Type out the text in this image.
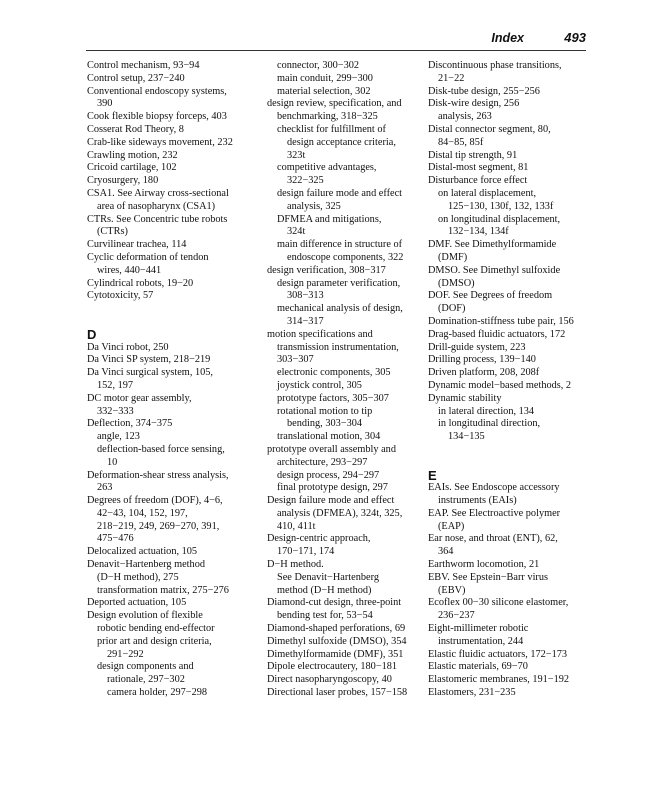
Index	493
Control mechanism, 93−94
Control setup, 237−240
Conventional endoscopy systems,
390
Cook flexible biopsy forceps, 403
Cosserat Rod Theory, 8
Crab-like sideways movement, 232
Crawling motion, 232
Cricoid cartilage, 102
Cryosurgery, 180
CSA1. See Airway cross-sectional
area of nasopharynx (CSA1)
CTRs. See Concentric tube robots
(CTRs)
Curvilinear trachea, 114
Cyclic deformation of tendon
wires, 440−441
Cylindrical robots, 19−20
Cytotoxicity, 57
D
Da Vinci robot, 250
Da Vinci SP system, 218−219
Da Vinci surgical system, 105,
152, 197
DC motor gear assembly,
332−333
Deflection, 374−375
angle, 123
deflection-based force sensing,
10
Deformation-shear stress analysis,
263
Degrees of freedom (DOF), 4−6,
42−43, 104, 152, 197,
218−219, 249, 269−270, 391,
475−476
Delocalized actuation, 105
Denavit−Hartenberg method
(D−H method), 275
transformation matrix, 275−276
Deported actuation, 105
Design evolution of flexible
robotic bending end-effector
prior art and design criteria,
291−292
design components and
rationale, 297−302
camera holder, 297−298
connector, 300−302
main conduit, 299−300
material selection, 302
design review, specification, and
benchmarking, 318−325
checklist for fulfillment of
design acceptance criteria,
323t
competitive advantages,
322−325
design failure mode and effect
analysis, 325
DFMEA and mitigations,
324t
main difference in structure of
endoscope components, 322
design verification, 308−317
design parameter verification,
308−313
mechanical analysis of design,
314−317
motion specifications and
transmission instrumentation,
303−307
electronic components, 305
joystick control, 305
prototype factors, 305−307
rotational motion to tip
bending, 303−304
translational motion, 304
prototype overall assembly and
architecture, 293−297
design process, 294−297
final prototype design, 297
Design failure mode and effect
analysis (DFMEA), 324t, 325,
410, 411t
Design-centric approach,
170−171, 174
D−H method.
See Denavit−Hartenberg
method (D−H method)
Diamond-cut design, three-point
bending test for, 53−54
Diamond-shaped perforations, 69
Dimethyl sulfoxide (DMSO), 354
Dimethylformamide (DMF), 351
Dipole electrocautery, 180−181
Direct nasopharyngoscopy, 40
Directional laser probes, 157−158
Discontinuous phase transitions,
21−22
Disk-tube design, 255−256
Disk-wire design, 256
analysis, 263
Distal connector segment, 80,
84−85, 85f
Distal tip strength, 91
Distal-most segment, 81
Disturbance force effect
on lateral displacement,
125−130, 130f, 132, 133f
on longitudinal displacement,
132−134, 134f
DMF. See Dimethylformamide
(DMF)
DMSO. See Dimethyl sulfoxide
(DMSO)
DOF. See Degrees of freedom
(DOF)
Domination-stiffness tube pair, 156
Drag-based fluidic actuators, 172
Drill-guide system, 223
Drilling process, 139−140
Driven platform, 208, 208f
Dynamic model−based methods, 2
Dynamic stability
in lateral direction, 134
in longitudinal direction,
134−135
E
EAIs. See Endoscope accessory
instruments (EAIs)
EAP. See Electroactive polymer
(EAP)
Ear nose, and throat (ENT), 62,
364
Earthworm locomotion, 21
EBV. See Epstein−Barr virus
(EBV)
Ecoflex 00−30 silicone elastomer,
236−237
Eight-millimeter robotic
instrumentation, 244
Elastic fluidic actuators, 172−173
Elastic materials, 69−70
Elastomeric membranes, 191−192
Elastomers, 231−235
